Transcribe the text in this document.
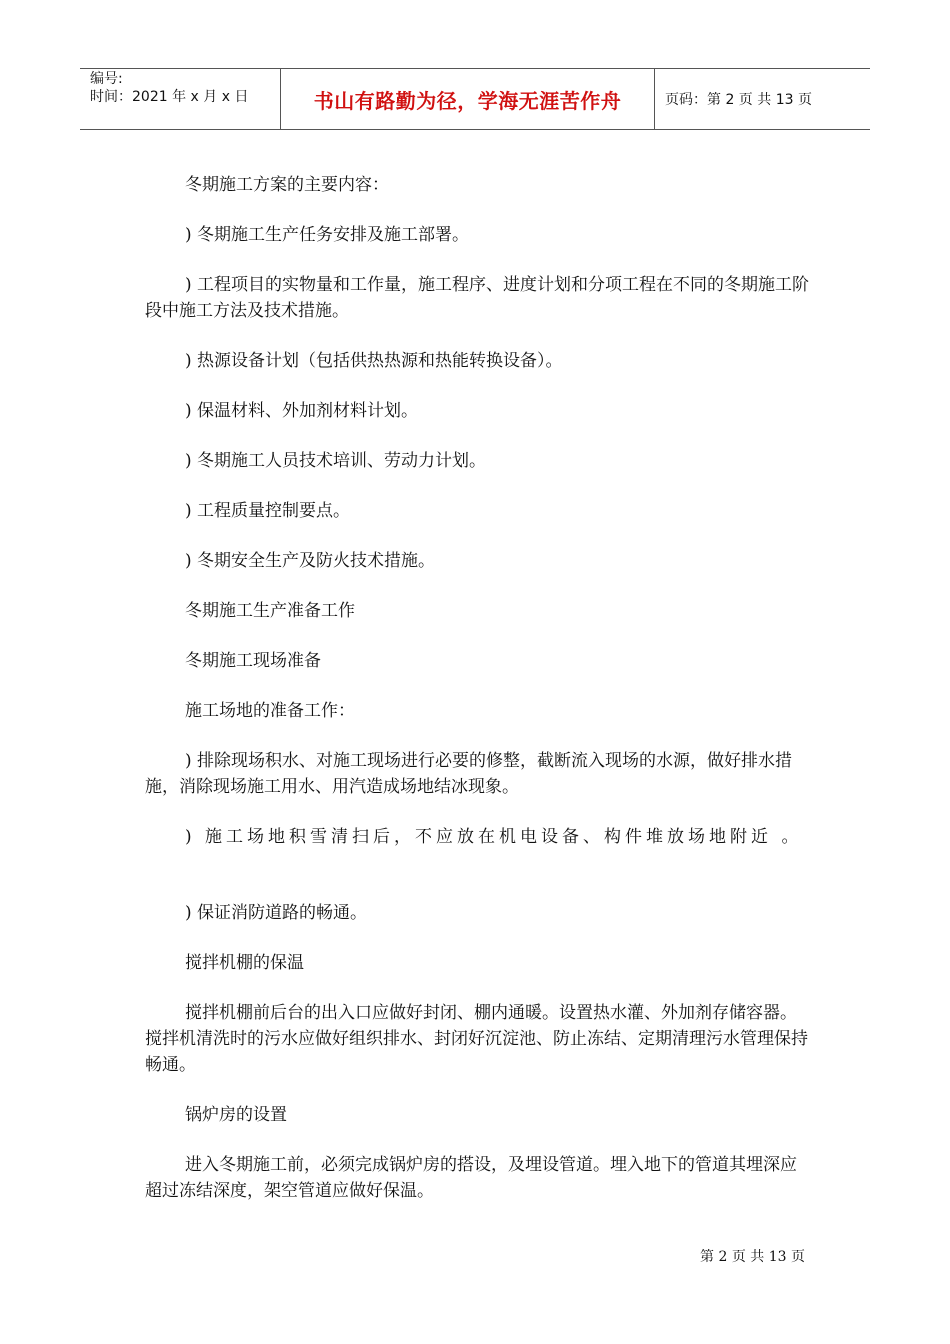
编号:
时间：2021 年 x 月 x 日	书山有路勤为径，学海无涯苦作舟	页码：第 2 页 共 13 页

冬期施工方案的主要内容：

) 冬期施工生产任务安排及施工部署。

) 工程项目的实物量和工作量，施工程序、进度计划和分项工程在不同的冬期施工阶段中施工方法及技术措施。

) 热源设备计划（包括供热热源和热能转换设备）。

) 保温材料、外加剂材料计划。

) 冬期施工人员技术培训、劳动力计划。

) 工程质量控制要点。

) 冬期安全生产及防火技术措施。

冬期施工生产准备工作

冬期施工现场准备

施工场地的准备工作：

) 排除现场积水、对施工现场进行必要的修整，截断流入现场的水源，做好排水措施，消除现场施工用水、用汽造成场地结冰现象。

) 施工场地积雪清扫后，不应放在机电设备、构件堆放场地附近 。

) 保证消防道路的畅通。

搅拌机棚的保温

搅拌机棚前后台的出入口应做好封闭、棚内通暖。设置热水灌、外加剂存储容器。搅拌机清洗时的污水应做好组织排水、封闭好沉淀池、防止冻结、定期清理污水管理保持畅通。

锅炉房的设置

进入冬期施工前，必须完成锅炉房的搭设，及埋设管道。埋入地下的管道其埋深应超过冻结深度，架空管道应做好保温。

第 2 页 共 13 页
